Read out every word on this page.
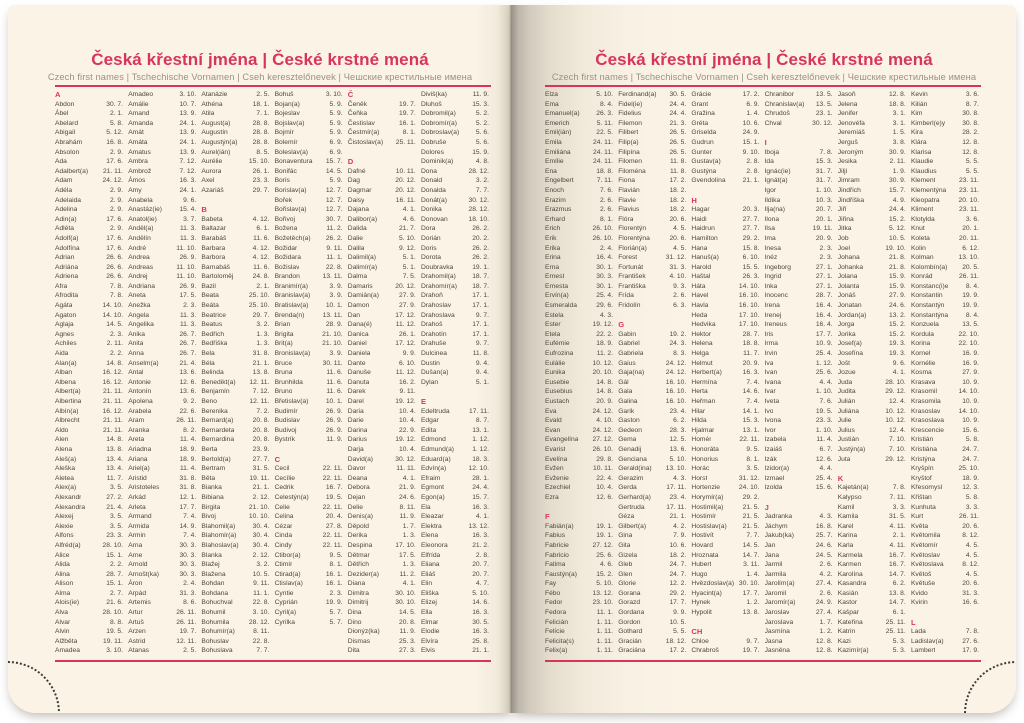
Česká křestní jména | České krstné mená
Czech first names | Tschechische Vornamen | Cseh keresztelőnevek | Чешские крестильные имена
A
Abdon	30. 7.
Ábel	2. 1.
Abelard	5. 8.
Abigail	5. 12.
Abrahám	16. 8.
Absolon	2. 9.
Ada	17. 6.
Adalbert(a) 21. 11.
Adam	24. 12.
Adéla	2. 9.
Adelaida	2. 9.
Adelina	2. 9.
Adin(a)	17. 6.
Adléta	2. 9.
Adolf(a)	17. 6.
Adolfína	17. 6.
Adrian	26. 6.
Adriána	26. 6.
Adriena	26. 6.
Afra	7. 8.
Afrodita	7. 8.
Agáta	14. 10.
Agaton	14. 10.
Aglaja	14. 5.
Agnes	2. 3.
Achiles	2. 11.
Aida	2. 2.
Alan(a)	14. 8.
Alban	16. 12.
Albena	16. 12.
Albert(a)	21. 11.
Albertina	21. 11.
Albín(a)	16. 12.
Albrecht	21. 11.
Aldo	21. 11.
Alen	14. 8.
Alena	13. 8.
Aleš(a)	13. 4.
Aleška	13. 4.
Aletea	11. 7.
Alex(a)	3. 5.
Alexandr	27. 2.
Alexandra	21. 4.
Alexej	3. 5.
Alexie	3. 5.
Alfons	23. 3.
Alfréd(a)	28. 10.
Alice	15. 1.
Alida	2. 2.
Alina	28. 7.
Alison	15. 1.
Alma	2. 7.
Alois(ie)	21. 6.
Alva	28. 10.
Alvar	8. 8.
Alvin	19. 5.
Alžběta	19. 11.
Amadea	3. 10.
Amadeo	3. 10.
Amálie	10. 7.
Amand	13. 9.
Amanda	24. 1.
Amát	13. 9.
Amáta	24. 1.
Amatus	13. 9.
Ambra	7. 12.
Ambrož	7. 12.
Ámos	16. 3.
Amy	24. 1.
Anabela	9. 6.
Anastáz(ie)	15. 4.
Anatol(ie)	3. 7.
Anděl(a)	11. 3.
Andělín	11. 3.
André	11. 10.
Andrea	26. 9.
Andreas	11. 10.
Andrej	11. 10.
Andriana	26. 9.
Aneta	17. 5.
Anežka	2. 3.
Angela	11. 3.
Angelika	11. 3.
Anika	26. 7.
Anita	26. 7.
Anna	26. 7.
Anselm(a)	21. 4.
Antal	13. 6.
Antonie	12. 6.
Antonín	13. 6.
Apolena	9. 2.
Arabela	22. 6.
Aram	26. 11.
Aranka	8. 2.
Areta	11. 4.
Ariadna	18. 9.
Ariana	18. 9.
Ariel(a)	11. 4.
Aristid	31. 8.
Aristoteles	31. 8.
Arkád	12. 1.
Arleta	17. 7.
Armand	7. 4.
Armida	14. 9.
Armin	7. 4.
Arna	30. 3.
Arne	30. 3.
Arnold	30. 3.
Arnošt(ka)	30. 3.
Áron	2. 4.
Arpád	31. 3.
Artemis	8. 6.
Artur	26. 11.
Artuš	26. 11.
Arzen	19. 7.
Astrid	12. 11.
Atanas	2. 5.
Atanázie	2. 5.
Athéna	18. 1.
Atila	7. 1.
August(a)	28. 8.
Augustín	28. 8.
Augustýn(a) 28. 8.
Aurel(ián)	8. 5.
Aurélie	15. 10.
Aurora	26. 1.
Axel	23. 3.
Azariáš	29. 7.
B
Babeta	4. 12.
Baltazar	6. 1.
Barabáš	11. 6.
Barbara	4. 12.
Barbora	4. 12.
Barnabáš	11. 6.
Bartoloměj	24. 8.
Bazil	2. 1.
Beata	25. 10.
Beáta	25. 10.
Beatrice	29. 7.
Beatus	3. 2.
Bedřich	1. 3.
Bedřiška	1. 3.
Bela	31. 8.
Béla	21. 1.
Belinda	13. 8.
Benedikt(a) 12. 11.
Benjamín	7. 12.
Beno	12. 11.
Berenika	7. 2.
Bernard(a)	20. 8.
Bernardeta	20. 8.
Bernardina	20. 8.
Berta	23. 9.
Bertold(a)	27. 7.
Bertram	31. 5.
Běta	19. 11.
Bianka	21. 1.
Bibiana	2. 12.
Birgita	21. 10.
Bivoj	10. 10.
Blahomil(a)	30. 4.
Blahomír(a) 30. 4.
Blahoslav(a) 30. 4.
Blanka	2. 12.
Blažej	3. 2.
Blažena	10. 5.
Bohdan	9. 11.
Bohdana	11. 1.
Bohuchval	22. 8.
Bohumil	3. 10.
Bohumila	28. 12.
Bohumír(a)	8. 11.
Bohuslav	22. 8.
Bohuslava	7. 7.
Bohuš	3. 10.
Bojan(a)	5. 9.
Bojeslav	5. 9.
Bojslav(a)	5. 9.
Bojmír	5. 9.
Bolemír	6. 9.
Boleslav(a)	6. 9.
Bonaventura 15. 7.
Bonifác	14. 5.
Boris	5. 9.
Borislav(a)	12. 7.
Bořek	12. 7.
Bořislav(a)	12. 7.
Bořivoj	30. 7.
Božena	11. 2.
Božetěch(a) 26. 2.
Božidar	9. 11.
Božidara	11. 1.
Božislav	22. 8.
Brandon	13. 11.
Branimír(a)	3. 9.
Branislav(a)	3. 9.
Bratislav(a)	10. 1.
Brenda(n)	13. 11.
Brian	28. 9.
Brigita	21. 10.
Brit(a)	21. 10.
Bronislav(a)	3. 9.
Bruce	30. 11.
Bruna	11. 6.
Brunhilda	11. 6.
Bruno	11. 6.
Břetislav(a)	10. 1.
Budimír	26. 9.
Budislav	26. 9.
Budivoj	26. 9.
Bystrík	11. 9.
C
Cecil	22. 11.
Cecílie	22. 11.
Cedrik	16. 7.
Celestýn(a)	19. 5.
Celie	22. 11.
Celina	20. 4.
Cézar	27. 8.
Cinda	22. 11.
Cindy	22. 11.
Ctibor(a)	9. 5.
Ctimír	8. 1.
Ctirad(a)	16. 1.
Ctislav(a)	16. 1.
Cyntie	2. 3.
Cyprián	19. 9.
Cyril(a)	5. 7.
Cyrilka	5. 7.
Č
Čeněk	19. 7.
Čeňka	19. 7.
Čestislav	16. 1.
Čestmír(a)	8. 1.
Čistoslav(a) 25. 11.
D
Dafné	10. 11.
Dag	20. 12.
Dagmar	20. 12.
Daisy	16. 11.
Dajana	4. 1.
Dalibor(a)	4. 6.
Dalida	21. 7.
Dalie	5. 10.
Dalila	9. 12.
Dalimil(a)	5. 1.
Dalimír(a)	5. 1.
Dalma	7. 5.
Damaris	20. 12.
Damián(a)	27. 9.
Damon	27. 9.
Dan	17. 12.
Dana(é)	11. 12.
Danica	26. 1.
Daniel	17. 12.
Daniela	9. 9.
Dante	6. 10.
Danuše	11. 12.
Danuta	16. 2.
Darek	9. 11.
Darel	19. 12.
Daria	10. 4.
Darie	10. 4.
Darina	22. 9.
Darius	19. 12.
Darja	10. 4.
David(a)	30. 12.
Davor	11. 11.
Deana	4. 1.
Debora	21. 9.
Dejan	24. 6.
Delie	8. 11.
Denis(a)	11. 9.
Děpold	1. 7.
Derika	1. 3.
Despina	17. 10.
Dětmar	17. 5.
Dětřich	1. 3.
Dezider(a)	11. 2.
Diana	4. 1.
Dimitra	30. 10.
Dimitrij	30. 10.
Dina	14. 5.
Dino	20. 8.
Dionýz(ka)	11. 9.
Dismas	25. 3.
Dita	27. 3.
Diviš(ka)	11. 9.
Dluhoš	15. 3.
Dobromil(a)	5. 2.
Dobromír(a)	5. 2.
Dobroslav(a) 5. 6.
Dobruše	5. 6.
Dolores	15. 9.
Dominik(a)	4. 8.
Dona	28. 12.
Donald	3. 2.
Donalda	7. 7.
Donát(a)	30. 12.
Donika	28. 12.
Donovan	18. 10.
Dora	26. 2.
Dorián	20. 2.
Doris	26. 2.
Dorota	26. 2.
Doubravka	19. 1.
Drahomil(a) 18. 7.
Drahomír(a) 18. 7.
Drahoň	17. 1.
Drahoslav	17. 1.
Drahoslava	9. 7.
Drahoš	17. 1.
Drahotín	17. 1.
Drahuše	9. 7.
Dulcinea	11. 8.
Dustin	9. 4.
Dušan(a)	9. 4.
Dylan	5. 1.
E
Edeltruda	17. 11.
Edgar	8. 7.
Edita	13. 1.
Edmond	1. 12.
Edmund(a)	1. 12.
Eduard(a)	18. 3.
Edvín(a)	12. 10.
Efraim	28. 1.
Egmont	24. 4.
Egon(a)	15. 7.
Ela	16. 3.
Eleazar	4. 1.
Elektra	13. 12.
Elena	16. 3.
Eleonora	21. 2.
Elfrída	2. 8.
Eliana	20. 7.
Eliáš	20. 7.
Elin	4. 7.
Eliška	5. 10.
Elizej	14. 6.
Ella	16. 3.
Elmar	30. 5.
Elodie	16. 3.
Elvíra	25. 8.
Elvis	21. 1.
Česká křestní jména | České krstné mená
Czech first names | Tschechische Vornamen | Cseh keresztelőnevek | Чешские крестильные имена
Elza	5. 10.
Ema	8. 4.
Emanuel(a) 26. 3.
Emerich	5. 11.
Emil(ián)	22. 5.
Emila	24. 11.
Emiliána	24. 11.
Emílie	24. 11.
Ena	18. 8.
Engelbert	7. 11.
Enoch	7. 6.
Erazim	2. 6.
Erazmus	2. 6.
Erhard	8. 1.
Erich	26. 10.
Erik	26. 10.
Erika	2. 4.
Erina	16. 4.
Erna	30. 1.
Ernest	30. 3.
Ernesta	30. 1.
Ervín(a)	25. 4.
Esmeralda	29. 6.
Estela	4. 3.
Ester	19. 12.
Etela	22. 2.
Eufémie	18. 9.
Eufrozina	11. 2.
Eulálie	10. 12.
Eunika	20. 10.
Eusebie	14. 8.
Eusebius	14. 8.
Eustach	20. 9.
Eva	24. 12.
Evald	4. 10.
Evan	24. 12.
Evangelína 27. 12.
Evarist	26. 10.
Evelína	29. 8.
Evžen	10. 11.
Evženie	22. 4.
Ezechiel	10. 4.
Ezra	12. 6.
F
Fabián(a)	19. 1.
Fabius	19. 1.
Fabricie	27. 12.
Fabricio	25. 6.
Fatima	4. 6.
Faustýn(a)	15. 2.
Fay	5. 10.
Fébo	13. 12.
Fedor	23. 10.
Fedora	11. 1.
Felicián	1. 11.
Felície	1. 11.
Felicita(s)	1. 11.
Felix(a)	1. 11.
Ferdinand(a) 30. 5.
Fidel(ie)	24. 4.
Fidelius	24. 4.
Filemon	21. 3.
Filibert	26. 5.
Filip(a)	26. 5.
Filipína	26. 5.
Filomen	11. 8.
Filoména	11. 8.
Fiona	17. 2.
Flavián	18. 2.
Flavie	18. 2.
Flavius	18. 2.
Flóra	20. 6.
Florentýn	4. 5.
Florentýna	20. 6.
Florián(a)	4. 5.
Forest	31. 12.
Fortunát	31. 3.
František	4. 10.
Františka	9. 3.
Frída	2. 6.
Fridolín	6. 3.
G
Gabin	19. 2.
Gabriel	24. 3.
Gabriela	8. 3.
Gaius	24. 12.
Gaja(na)	24. 12.
Gál	16. 10.
Gala	16. 10.
Galina	16. 10.
Garik	23. 4.
Gaston	6. 2.
Gedeon	28. 3.
Gema	12. 5.
Genadij	13. 6.
Genciana	5. 10.
Gerald(ina) 13. 10.
Gerazim	4. 3.
Gerda	17. 11.
Gerhard(a)	23. 4.
Gertruda	17. 11.
Géza	21. 1.
Gilbert(a)	4. 2.
Gina	7. 9.
Gita	10. 6.
Gizela	18. 2.
Gleb	24. 7.
Glen	24. 7.
Glorie	12. 2.
Gorana	29. 2.
Gorazd	17. 7.
Gordana	9. 9.
Gordon	10. 5.
Gothard	5. 5.
Gracián	18. 12.
Graciána	17. 2.
Grácie	17. 2.
Grant	6. 9.
Gražina	1. 4.
Gréta	10. 6.
Griselda	24. 9.
Gudrun	15. 1.
Gunter	9. 10.
Gustav(a)	2. 8.
Gustýna	2. 8.
Gvendolína	21. 1.
H
Hagar	20. 3.
Haidi	27. 7.
Haidrun	27. 7.
Hamilton	29. 2.
Hana	15. 8.
Hanuš(a)	6. 10.
Harold	15. 5.
Haštal	26. 3.
Háta	14. 10.
Havel	16. 10.
Havla	16. 10.
Heda	17. 10.
Hedvika	17. 10.
Hektor	28. 7.
Helena	18. 8.
Helga	11. 7.
Helmut	20. 9.
Herbert(a)	16. 3.
Hermína	7. 4.
Herta	14. 6.
Heřman	7. 4.
Hilar	14. 1.
Hilda	15. 3.
Hjalmar	13. 1.
Homér	22. 11.
Honoráta	9. 5.
Honorius	8. 1.
Horác	3. 5.
Horst	31. 12.
Hortenzie	24. 10.
Horymír(a)	29. 2.
Hostimil(a)	21. 5.
Hostimír	21. 5.
Hostislav(a) 21. 5.
Hostivít	7. 7.
Hovard	14. 5.
Hroznata	14. 7.
Hubert	3. 11.
Hugo	1. 4.
Hvězdoslav(a) 30. 10.
Hyacint(a)	17. 7.
Hynek	1. 2.
Hypolit	13. 8.
CH
Chloe	9. 7.
Chrabroš	19. 7.
Chranibor	13. 5.
Chranislav(a) 13. 5.
Chrudoš	23. 1.
Chval	30. 12.
I
Iboja	7. 8.
Ida	15. 3.
Ignác(ie)	31. 7.
Ignát(a)	31. 7.
Igor	1. 10.
Ildika	10. 3.
Ilja(na)	20. 7.
Ilona	20. 1.
Ilsa	19. 11.
Ima	20. 9.
Inesa	2. 3.
Inéz	2. 3.
Ingeborg	27. 1.
Ingrid	27. 1.
Inka	27. 1.
Inocenc	28. 7.
Irena	16. 4.
Irenej	16. 4.
Ireneus	16. 4.
Iris	17. 7.
Irma	10. 9.
Irvin	25. 4.
Iva	1. 12.
Ivan	25. 6.
Ivana	4. 4.
Ivar	1. 10.
Iveta	7. 6.
Ivo	19. 5.
Ivona	23. 3.
Ivor	1. 10.
Izabela	11. 4.
Izaiáš	6. 7.
Izák	12. 6.
Izidor(a)	4. 4.
Izmael	25. 4.
Izolda	15. 6.
J
Jadranka	4. 3.
Jáchym	16. 8.
Jakub(ka)	25. 7.
Jan	24. 6.
Jana	24. 5.
Jarmil	2. 6.
Jarmila	4. 2.
Jarolím(a)	27. 4.
Jaromil	2. 6.
Jaromír(a)	24. 9.
Jaroslav	27. 4.
Jaroslava	1. 7.
Jasmína	1. 2.
Jasna	12. 8.
Jasněna	12. 8.
Jasoň	12. 8.
Jelena	18. 8.
Jenifer	3. 1.
Jenovéfa	3. 1.
Jeremiáš	1. 5.
Jerguš	3. 8.
Jeroným	30. 9.
Jesika	2. 11.
Jiljí	1. 9.
Jimram	30. 9.
Jindřich	15. 7.
Jindřiška	4. 9.
Jiří	24. 4.
Jiřina	15. 2.
Jitka	5. 12.
Job	10. 5.
Joel	19. 10.
Johana	21. 8.
Johanka	21. 8.
Jolana	15. 9.
Jolanta	15. 9.
Jonáš	27. 9.
Jonatan	24. 6.
Jordan(a)	13. 2.
Jorga	15. 2.
Jorika	15. 2.
Josef(a)	19. 3.
Josefína	19. 3.
Jošt	9. 6.
Jozue	4. 1.
Juda	28. 10.
Judita	29. 12.
Julián	12. 4.
Juliána	10. 12.
Julie	10. 12.
Julius	12. 4.
Justián	7. 10.
Justýn(a)	7. 10.
Juta	29. 12.
K
Kajetán(a)	7. 8.
Kalypso	7. 11.
Kamil	3. 3.
Kamila	31. 5.
Karel	4. 11.
Karina	2. 1.
Karla	4. 11.
Karmela	16. 7.
Karmen	16. 7.
Karolína	14. 7.
Kasandra	6. 2.
Kasián	13. 8.
Kastor	14. 7.
Kašpar	6. 1.
Kateřina	25. 11.
Katrin	25. 11.
Kazi	5. 3.
Kazimír(a)	5. 3.
Kevin	3. 6.
Kilián	8. 7.
Kim	30. 8.
Kimberl(e)y	30. 8.
Kira	28. 2.
Klára	12. 8.
Klarisa	12. 8.
Klaudie	5. 5.
Klaudius	5. 5.
Klement	23. 11.
Klementýna 23. 11.
Kleopatra	20. 10.
Kliment	23. 11.
Klotylda	3. 6.
Knut	20. 1.
Koleta	20. 11.
Kolin	6. 12.
Kolman	13. 10.
Kolombín(a) 20. 5.
Konrád	26. 11.
Konstanc(i)e	8. 4.
Konstantin	19. 9.
Konstantýn	19. 9.
Konstantýna	8. 4.
Konzuela	13. 5.
Kordula	22. 10.
Korina	22. 10.
Kornel	16. 9.
Kornélie	16. 9.
Kosma	27. 9.
Krasava	10. 9.
Krasomil	14. 10.
Krasomila	10. 9.
Krasoslav	14. 10.
Krasoslava	10. 9.
Krescencie	15. 6.
Kristián	5. 8.
Kristiána	24. 7.
Kristýna	24. 7.
Kryšpín	25. 10.
Kryštof	18. 9.
Křesomysl	12. 3.
Křištan	5. 8.
Kunhuta	3. 3.
Kurt	26. 11.
Květa	20. 6.
Květomila	8. 12.
Květomír	4. 5.
Květoslav	4. 5.
Květoslava	8. 12.
Květoš	4. 5.
Květuše	20. 6.
Kvido	31. 3.
Kvirin	16. 6.
L
Lada	7. 8.
Ladislav(a)	27. 6.
Lambert	17. 9.
